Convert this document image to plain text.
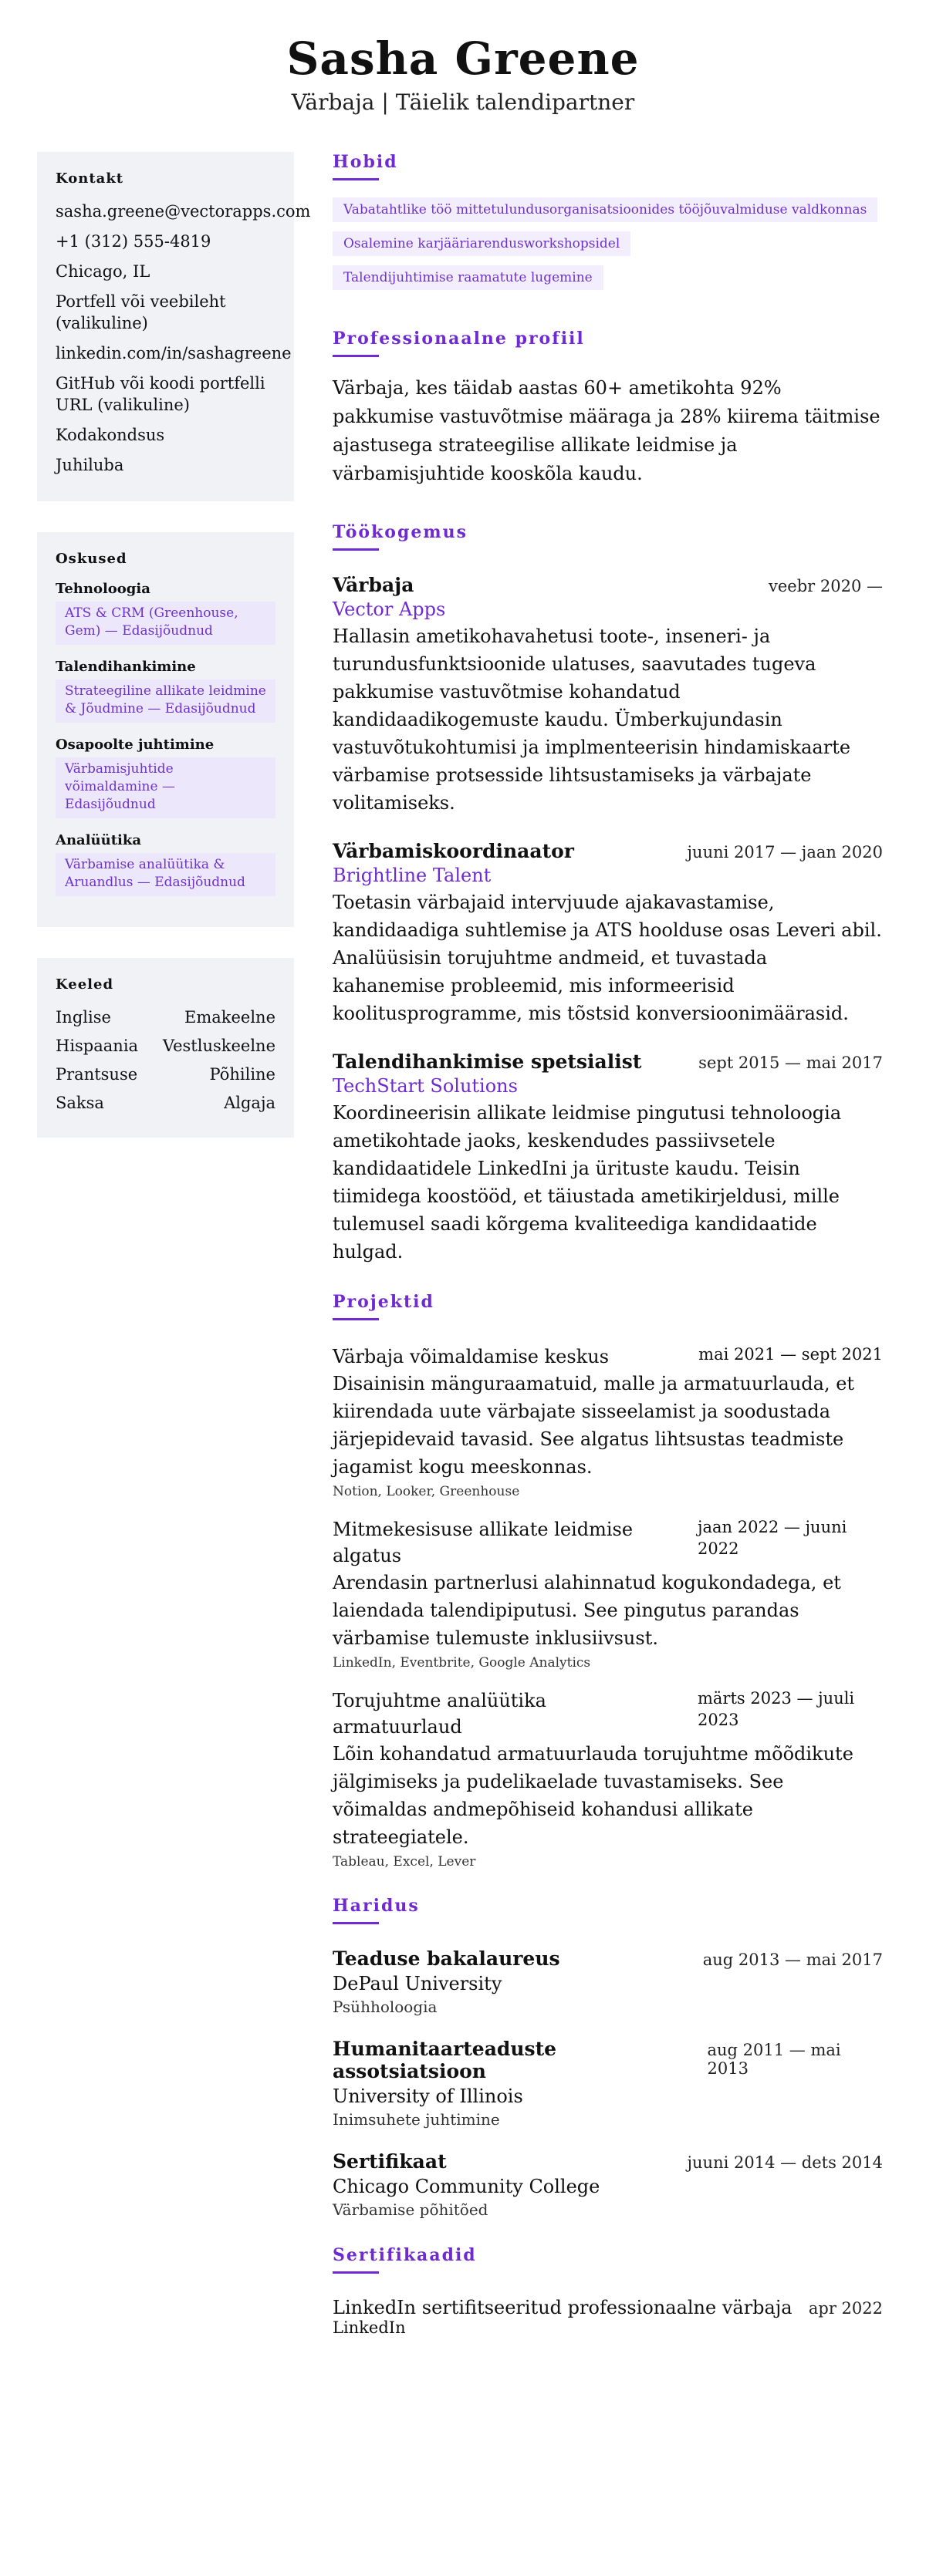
Sasha Greene
Värbaja | Täielik talendipartner
Kontakt
sasha.greene@vectorapps.com
+1 (312) 555-4819
Chicago, IL
Portfell või veebileht (valikuline)
linkedin.com/in/sashagreene
GitHub või koodi portfelli URL (valikuline)
Kodakondsus
Juhiluba
Oskused
Tehnoloogia
ATS & CRM (Greenhouse, Gem) — Edasijõudnud
Talendihankimine
Strateegiline allikate leidmine & Jõudmine — Edasijõudnud
Osapoolte juhtimine
Värbamisjuhtide võimaldamine — Edasijõudnud
Analüütika
Värbamise analüütika & Aruandlus — Edasijõudnud
Keeled
Inglise	Emakeelne
Hispaania Vestluskeelne
Prantsuse	Põhiline
Saksa	Algaja
Hobid
Vabatahtlike töö mittetulundusorganisatsioonides tööjõuvalmiduse valdkonnas Osalemine karjääriarendusworkshopsidel
Talendijuhtimise raamatute lugemine
Professionaalne profiil
Värbaja, kes täidab aastas 60+ ametikohta 92% pakkumise vastuvõtmise määraga ja 28% kiirema täitmise ajastusega strateegilise allikate leidmise ja värbamisjuhtide kooskõla kaudu.
Töökogemus
Värbaja	veebr 2020 —
Vector Apps
Hallasin ametikohavahetusi toote-, inseneri- ja turundusfunktsioonide ulatuses, saavutades tugeva pakkumise vastuvõtmise kohandatud kandidaadikogemuste kaudu. Ümberkujundasin vastuvõtukohtumisi ja implmenteerisin hindamiskaarte värbamise protsesside lihtsustamiseks ja värbajate volitamiseks.
Värbamiskoordinaator	juuni 2017 — jaan 2020
Brightline Talent
Toetasin värbajaid intervjuude ajakavastamise, kandidaadiga suhtlemise ja ATS hoolduse osas Leveri abil. Analüüsisin torujuhtme andmeid, et tuvastada kahanemise probleemid, mis informeerisid koolitusprogramme, mis tõstsid konversioonimäärasid.
Talendihankimise spetsialist	sept 2015 — mai 2017
TechStart Solutions
Koordineerisin allikate leidmise pingutusi tehnoloogia ametikohtade jaoks, keskendudes passiivsetele kandidaatidele LinkedIni ja ürituste kaudu. Teisin tiimidega koostööd, et täiustada ametikirjeldusi, mille tulemusel saadi kõrgema kvaliteediga kandidaatide hulgad.
Projektid
Värbaja võimaldamise keskus	mai 2021 — sept 2021
Disainisin mänguraamatuid, malle ja armatuurlauda, et kiirendada uute värbajate sisseelamist ja soodustada järjepidevaid tavasid. See algatus lihtsustas teadmiste jagamist kogu meeskonnas.
Notion, Looker, Greenhouse
Mitmekesisuse allikate leidmise algatus
jaan 2022 — juuni 2022
Arendasin partnerlusi alahinnatud kogukondadega, et laiendada talendipiputusi. See pingutus parandas värbamise tulemuste inklusiivsust.
LinkedIn, Eventbrite, Google Analytics
Torujuhtme analüütika armatuurlaud
märts 2023 — juuli 2023
Lõin kohandatud armatuurlauda torujuhtme mõõdikute jälgimiseks ja pudelikaelade tuvastamiseks. See võimaldas andmepõhiseid kohandusi allikate strateegiatele.
Tableau, Excel, Lever
Haridus
Teaduse bakalaureus	aug 2013 — mai 2017
DePaul University
Psühholoogia
Humanitaarteaduste assotsiatsioon
aug 2011 — mai 2013
University of Illinois
Inimsuhete juhtimine
Sertifikaat	juuni 2014 — dets 2014
Chicago Community College
Värbamise põhitõed
Sertifikaadid
LinkedIn sertifitseeritud professionaalne värbaja apr 2022
LinkedIn
